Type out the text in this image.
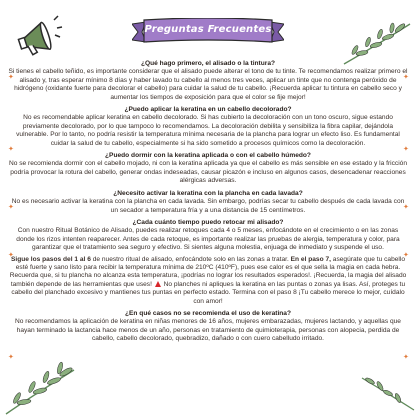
Preguntas Frecuentes
✦	✦
✦	✦
✦	✦
✦	✦
✦	✦
¿Qué hago primero, el alisado o la tintura?
Si tienes el cabello teñido, es importante considerar que el alisado puede alterar el tono de tu tinte. Te recomendamos realizar primero el alisado y, tras esperar mínimo 8 días y haber lavado tu cabello al menos tres veces, aplicar un tinte que no contenga peróxido de hidrógeno (oxidante fuerte para decolorar el cabello) para cuidar la salud de tu cabello. ¡Recuerda aplicar tu tintura en cabello seco y aumentar los tiempos de exposición para que el color se fije mejor!
¿Puedo aplicar la keratina en un cabello decolorado?
No es recomendable aplicar keratina en cabello decolorado. Si has cubierto la decoloración con un tono oscuro, sigue estando previamente decolorado, por lo que tampoco lo recomendamos. La decoloración debilita y sensibiliza la fibra capilar, dejándola vulnerable. Por lo tanto, no podría resistir la temperatura mínima necesaria de la plancha para lograr un efecto liso. Es fundamental cuidar la salud de tu cabello, especialmente si ha sido sometido a procesos químicos como la decoloración.
¿Puedo dormir con la keratina aplicada o con el cabello húmedo?
No se recomienda dormir con el cabello mojado, ni con la keratina aplicada ya que el cabello es más sensible en ese estado y la fricción podría provocar la rotura del cabello, generar ondas indeseadas, causar picazón e incluso en algunos casos, desencadenar reacciones alérgicas adversas.
¿Necesito activar la keratina con la plancha en cada lavada?
No es necesario activar la keratina con la plancha en cada lavada. Sin embargo, podrías secar tu cabello después de cada lavada con un secador a temperatura fría y a una distancia de 15 centímetros.
¿Cada cuánto tiempo puedo retocar mi alisado?
Con nuestro Ritual Botánico de Alisado, puedes realizar retoques cada 4 o 5 meses, enfocándote en el crecimiento o en las zonas donde los rizos intenten reaparecer. Antes de cada retoque, es importante realizar las pruebas de alergia, temperatura y color, para garantizar que el tratamiento sea seguro y efectivo. Si sientes alguna molestia, enjuaga de inmediato y suspende el uso.
Sigue los pasos del 1 al 6 de nuestro ritual de alisado, enfocándote solo en las zonas a tratar. En el paso 7, asegúrate que tu cabello esté fuerte y sano listo para recibir la temperatura mínima de 210ºC (410ºF), pues ese calor es el que sella la magia en cada hebra. Recuerda que, si tu plancha no alcanza esta temperatura, ¡podrías no lograr los resultados esperados!. ¡Recuerda, la magia del alisado también depende de las herramientas que uses!  No planches ni apliques la keratina en las puntas o zonas ya lisas. Así, proteges tu cabello del planchado excesivo y mantienes tus puntas en perfecto estado. Termina con el paso 8 ¡Tu cabello merece lo mejor, cuídalo con amor!
¿En qué casos no se recomienda el uso de keratina?
No recomendamos la aplicación de keratina en niñas menores de 16 años, mujeres embarazadas, mujeres lactando, y aquellas que hayan terminado la lactancia hace menos de un año, personas en tratamiento de quimioterapia, personas con alopecia, perdida de cabello, cabello decolorado, quebradizo, dañado o con cuero cabelludo irritado.
